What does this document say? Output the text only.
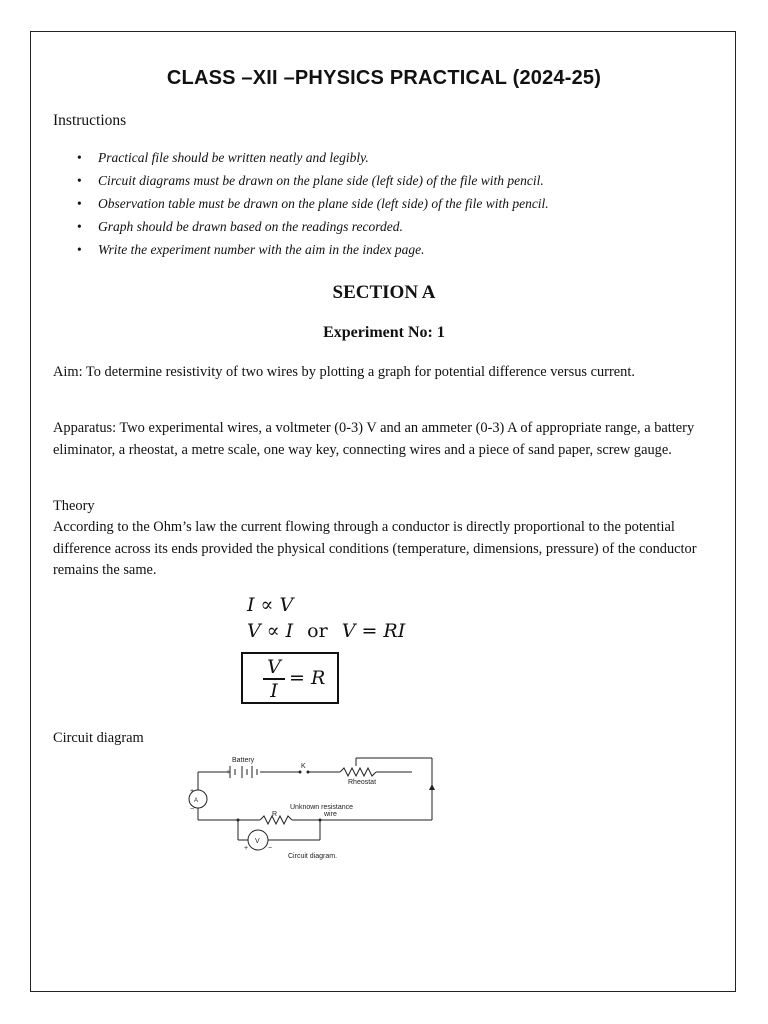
CLASS –XII –PHYSICS PRACTICAL (2024-25)
Instructions
• Practical file should be written neatly and legibly.
• Circuit diagrams must be drawn on the plane side (left side) of the file with pencil.
• Observation table must be drawn on the plane side (left side) of the file with pencil.
• Graph should be drawn based on the readings recorded.
• Write the experiment number with the aim in the index page.
SECTION A
Experiment No: 1
Aim: To determine resistivity of two wires by plotting a graph for potential difference versus current.
Apparatus: Two experimental wires, a voltmeter (0-3) V and an ammeter (0-3) A of appropriate range, a battery eliminator, a rheostat, a metre scale, one way key, connecting wires and a piece of sand paper, screw gauge.
Theory
According to the Ohm’s law the current flowing through a conductor is directly proportional to the potential difference across its ends provided the physical conditions (temperature, dimensions, pressure) of the conductor remains the same.
I ∝ V
V ∝ I or V = RI
V
I
= R
Circuit diagram
Battery
K
Rheostat
A
V
Unknown resistance
wire
R
Circuit diagram.
+	−
+
−
+	−
